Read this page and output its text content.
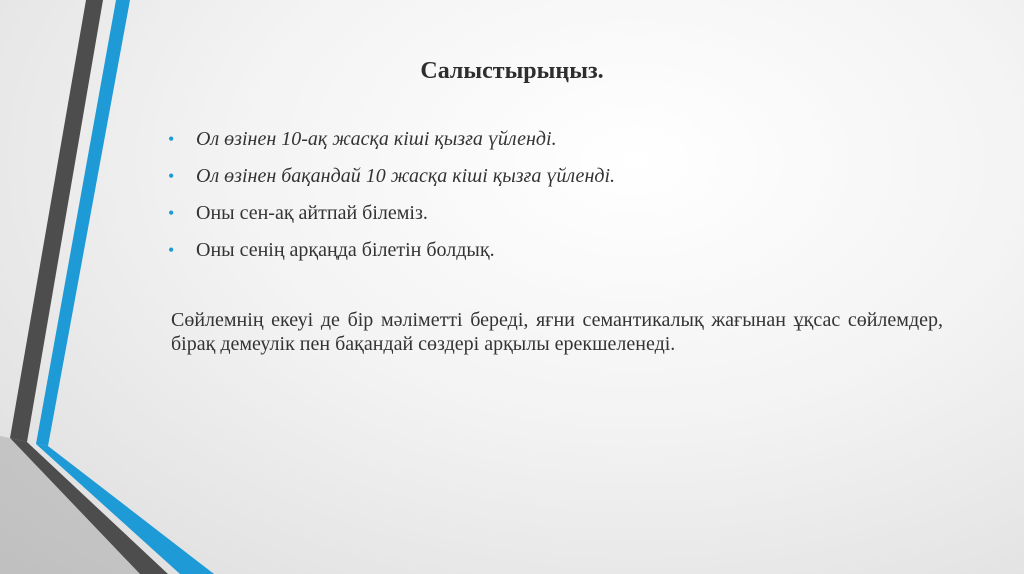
Салыстырыңыз.
•	Ол өзінен 10-ақ жасқа кіші қызға үйленді.
•	Ол өзінен бақандай 10 жасқа кіші қызға үйленді.
•	Оны сен-ақ айтпай білеміз.
•	Оны сенің арқаңда білетін болдық.

Сөйлемнің екеуі де бір мәліметті береді, яғни семантикалық жағынан ұқсас сөйлемдер, бірақ демеулік пен бақандай сөздері арқылы ерекшеленеді.
